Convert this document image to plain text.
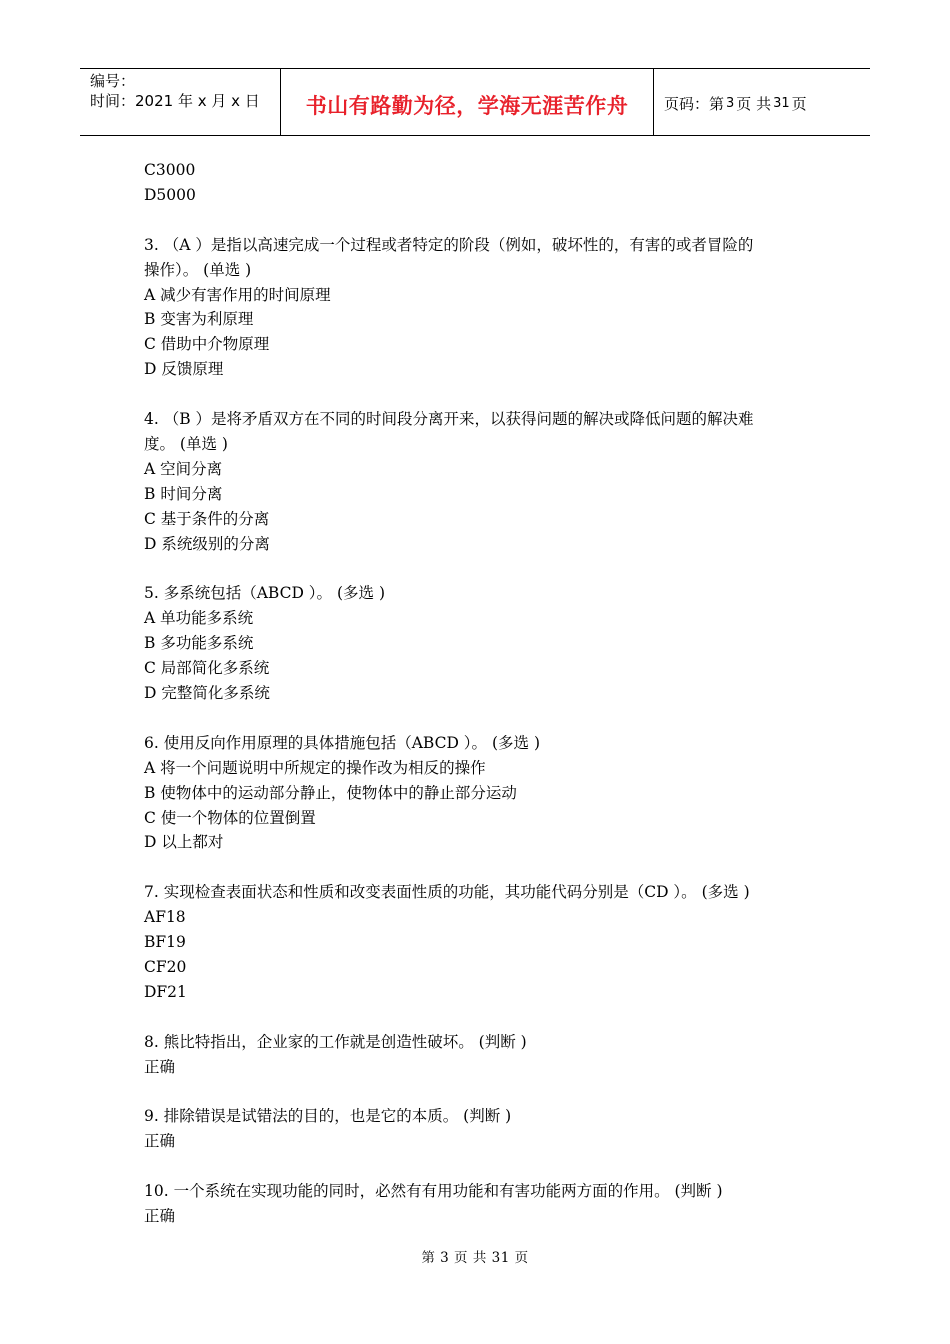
编号：
时间：2021 年 x 月 x 日	书山有路勤为径，学海无涯苦作舟 页码：第 3 页 共 31 页
C3000
D5000
3. （A ）是指以高速完成一个过程或者特定的阶段（例如，破坏性的，有害的或者冒险的
操作）。 (单选 )
A 减少有害作用的时间原理
B 变害为利原理
C 借助中介物原理
D 反馈原理
4. （B ）是将矛盾双方在不同的时间段分离开来，以获得问题的解决或降低问题的解决难
度。 (单选 )
A 空间分离
B 时间分离
C 基于条件的分离
D 系统级别的分离
5. 多系统包括（ABCD ）。 (多选 )
A 单功能多系统
B 多功能多系统
C 局部简化多系统
D 完整简化多系统
6. 使用反向作用原理的具体措施包括（ABCD ）。 (多选 )
A 将一个问题说明中所规定的操作改为相反的操作
B 使物体中的运动部分静止，使物体中的静止部分运动
C 使一个物体的位置倒置
D 以上都对
7. 实现检查表面状态和性质和改变表面性质的功能，其功能代码分别是（CD ）。 (多选 )
AF18
BF19
CF20
DF21
8. 熊比特指出，企业家的工作就是创造性破坏。 (判断 )
正确
9. 排除错误是试错法的目的，也是它的本质。 (判断 )
正确
10. 一个系统在实现功能的同时，必然有有用功能和有害功能两方面的作用。 (判断 )
正确
第 3 页 共 31 页
